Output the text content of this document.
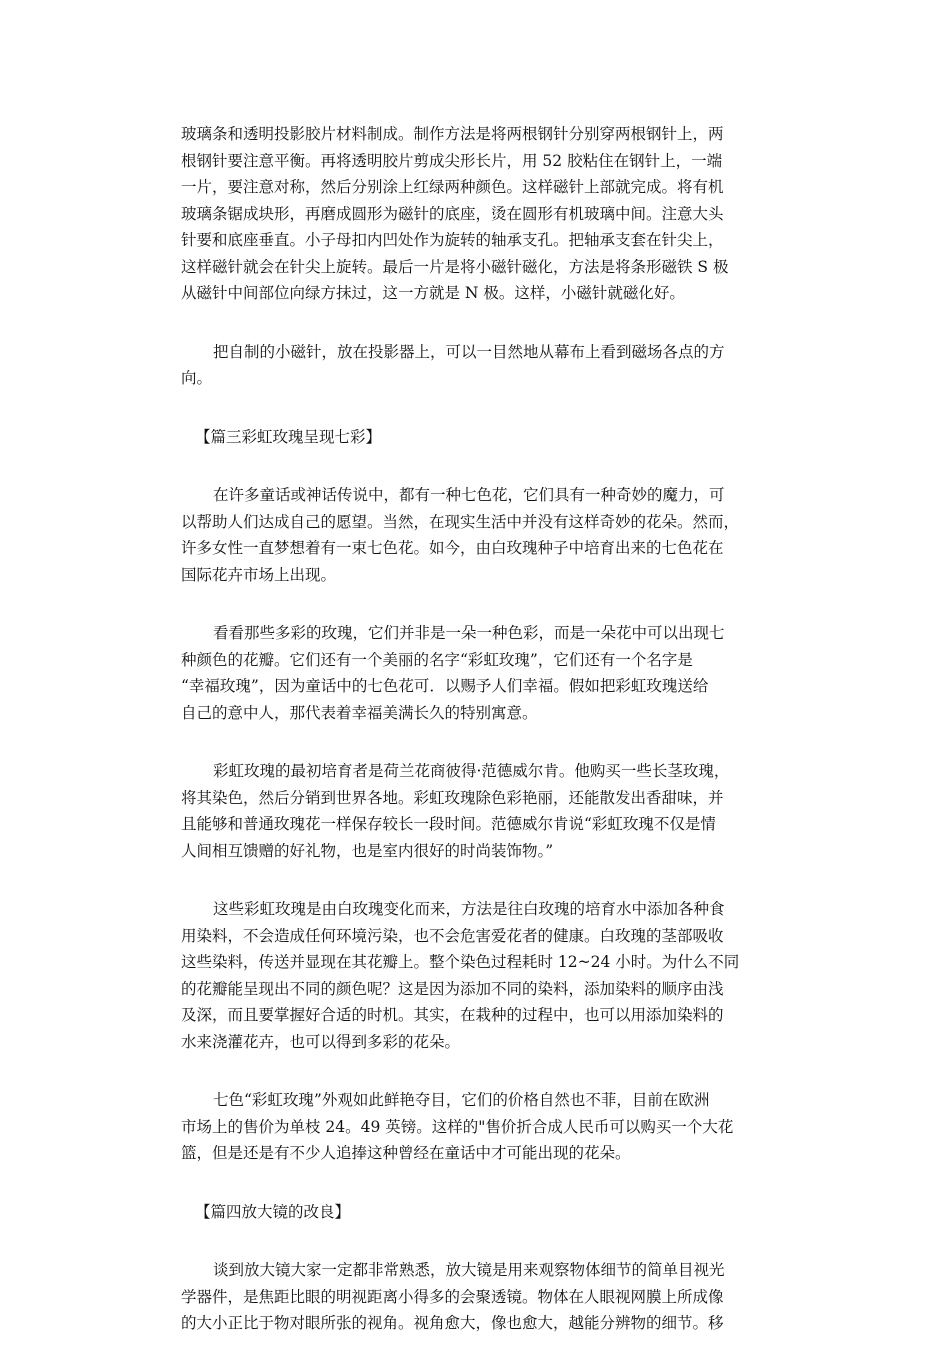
玻璃条和透明投影胶片材料制成。制作方法是将两根钢针分别穿两根钢针上，两
根钢针要注意平衡。再将透明胶片剪成尖形长片，用 52 胶粘住在钢针上，一端
一片，要注意对称，然后分别涂上红绿两种颜色。这样磁针上部就完成。将有机
玻璃条锯成块形，再磨成圆形为磁针的底座，烫在圆形有机玻璃中间。注意大头
针要和底座垂直。小子母扣内凹处作为旋转的轴承支孔。把轴承支套在针尖上，
这样磁针就会在针尖上旋转。最后一片是将小磁针磁化，方法是将条形磁铁 S 极
从磁针中间部位向绿方抹过，这一方就是 N 极。这样，小磁针就磁化好。
把自制的小磁针，放在投影器上，可以一目然地从幕布上看到磁场各点的方
向。
【篇三彩虹玫瑰呈现七彩】
在许多童话或神话传说中，都有一种七色花，它们具有一种奇妙的魔力，可
以帮助人们达成自己的愿望。当然，在现实生活中并没有这样奇妙的花朵。然而，
许多女性一直梦想着有一束七色花。如今，由白玫瑰种子中培育出来的七色花在
国际花卉市场上出现。
看看那些多彩的玫瑰，它们并非是一朵一种色彩，而是一朵花中可以出现七
种颜色的花瓣。它们还有一个美丽的名字“彩虹玫瑰”，它们还有一个名字是
“幸福玫瑰”，因为童话中的七色花可．以赐予人们幸福。假如把彩虹玫瑰送给
自己的意中人，那代表着幸福美满长久的特别寓意。
彩虹玫瑰的最初培育者是荷兰花商彼得·范德威尔肯。他购买一些长茎玫瑰，
将其染色，然后分销到世界各地。彩虹玫瑰除色彩艳丽，还能散发出香甜味，并
且能够和普通玫瑰花一样保存较长一段时间。范德威尔肯说“彩虹玫瑰不仅是情
人间相互馈赠的好礼物，也是室内很好的时尚装饰物。”
这些彩虹玫瑰是由白玫瑰变化而来，方法是往白玫瑰的培育水中添加各种食
用染料，不会造成任何环境污染，也不会危害爱花者的健康。白玫瑰的茎部吸收
这些染料，传送并显现在其花瓣上。整个染色过程耗时 12~24 小时。为什么不同
的花瓣能呈现出不同的颜色呢？这是因为添加不同的染料，添加染料的顺序由浅
及深，而且要掌握好合适的时机。其实，在栽种的过程中，也可以用添加染料的
水来浇灌花卉，也可以得到多彩的花朵。
七色“彩虹玫瑰”外观如此鲜艳夺目，它们的价格自然也不菲，目前在欧洲
市场上的售价为单枝 24。49 英镑。这样的"售价折合成人民币可以购买一个大花
篮，但是还是有不少人追捧这种曾经在童话中才可能出现的花朵。
【篇四放大镜的改良】
谈到放大镜大家一定都非常熟悉，放大镜是用来观察物体细节的简单目视光
学器件，是焦距比眼的明视距离小得多的会聚透镜。物体在人眼视网膜上所成像
的大小正比于物对眼所张的视角。视角愈大，像也愈大，越能分辨物的细节。移
